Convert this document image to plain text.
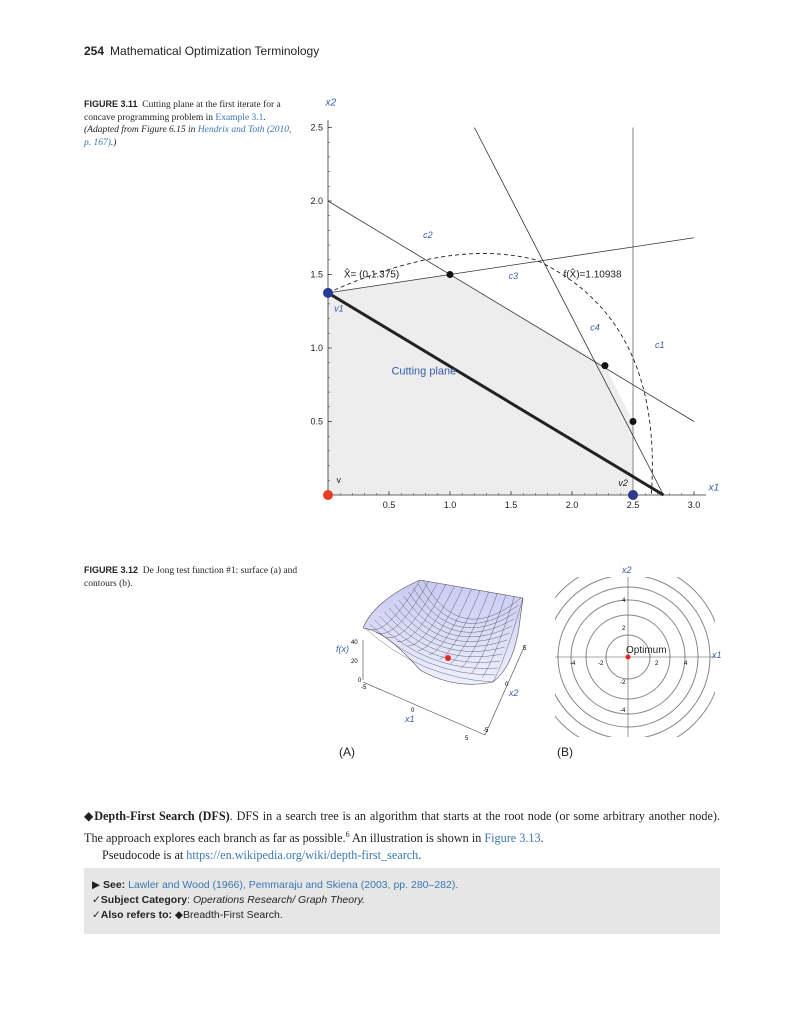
254 Mathematical Optimization Terminology
FIGURE 3.11 Cutting plane at the first iterate for a concave programming problem in Example 3.1. (Adapted from Figure 6.15 in Hendrix and Toth (2010, p. 167).)
0.5	1.0	1.5	2.0	2.5	3.0
0.5
1.0
1.5
2.0
2.5
X̂= (0,1.375)	f(X̂)=1.10938
c1
c2
c3
c4
v1
v2
v
Cutting plane
x2
x1
FIGURE 3.12 De Jong test function #1: surface (a) and contours (b).
f(x)
40
20
0
-5
0
5
5
0
-5
x1
x2
(A)
Optimum
x2
x1
-4	-2	2	4
4
2
-2
-4
(B)

◆Depth-First Search (DFS). DFS in a search tree is an algorithm that starts at the root node (or some arbitrary another node). The approach explores each branch as far as possible.$^6$ An illustration is shown in Figure 3.13.

Pseudocode is at https://en.wikipedia.org/wiki/depth-first_search.

▶ See: Lawler and Wood (1966), Pemmaraju and Skiena (2003, pp. 280–282).
✓Subject Category: Operations Research/ Graph Theory.
✓Also refers to: ◆Breadth-First Search.
